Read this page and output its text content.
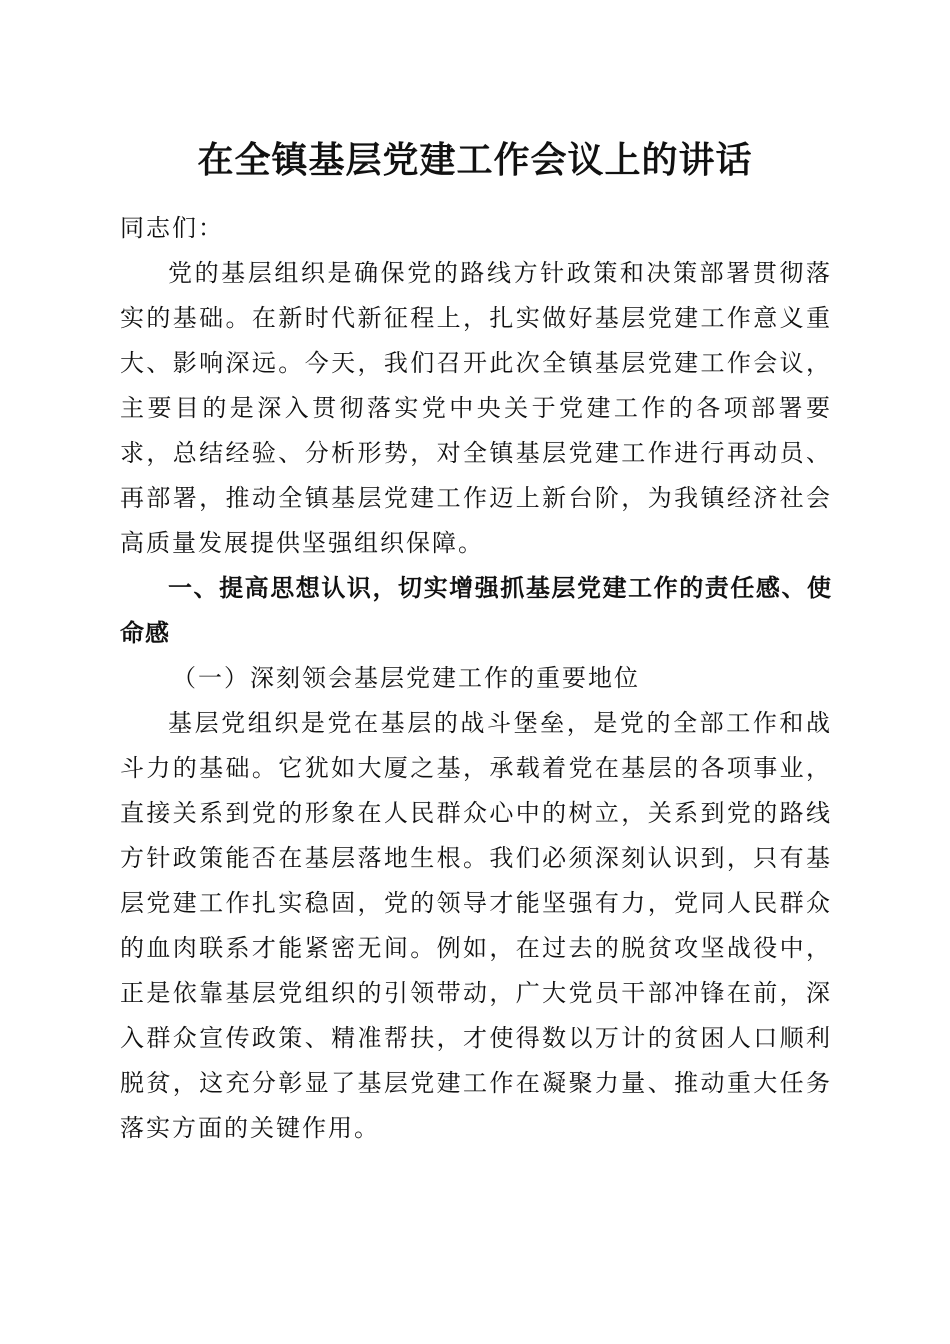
在全镇基层党建工作会议上的讲话

同志们：

党的基层组织是确保党的路线方针政策和决策部署贯彻落实的基础。在新时代新征程上，扎实做好基层党建工作意义重大、影响深远。今天，我们召开此次全镇基层党建工作会议，主要目的是深入贯彻落实党中央关于党建工作的各项部署要求，总结经验、分析形势，对全镇基层党建工作进行再动员、再部署，推动全镇基层党建工作迈上新台阶，为我镇经济社会高质量发展提供坚强组织保障。

一、提高思想认识，切实增强抓基层党建工作的责任感、使命感

（一）深刻领会基层党建工作的重要地位

基层党组织是党在基层的战斗堡垒，是党的全部工作和战斗力的基础。它犹如大厦之基，承载着党在基层的各项事业，直接关系到党的形象在人民群众心中的树立，关系到党的路线方针政策能否在基层落地生根。我们必须深刻认识到，只有基层党建工作扎实稳固，党的领导才能坚强有力，党同人民群众的血肉联系才能紧密无间。例如，在过去的脱贫攻坚战役中，正是依靠基层党组织的引领带动，广大党员干部冲锋在前，深入群众宣传政策、精准帮扶，才使得数以万计的贫困人口顺利脱贫，这充分彰显了基层党建工作在凝聚力量、推动重大任务落实方面的关键作用。
